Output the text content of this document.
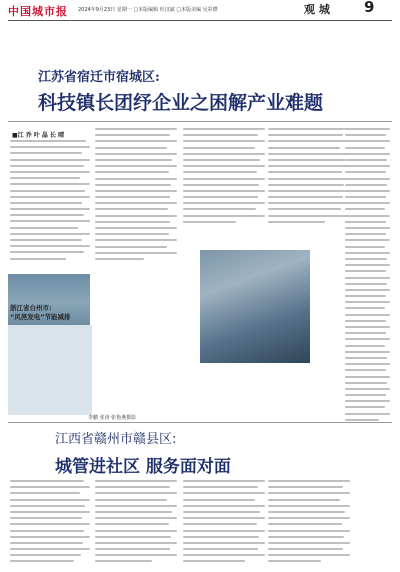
中国城市报 2024年9月23日 星期一 □本版编辑 杜汉斌 □本版美编 吴彩瓒	观 城 9
江苏省宿迁市宿城区:
科技镇长团纾企业之困解产业难题
■江 乔 叶 晶 长 晴
浙江省台州市:
“风亮发电”节能减排
李鹏 张涛 张艳燕摄影
江西省赣州市赣县区:
城管进社区 服务面对面
